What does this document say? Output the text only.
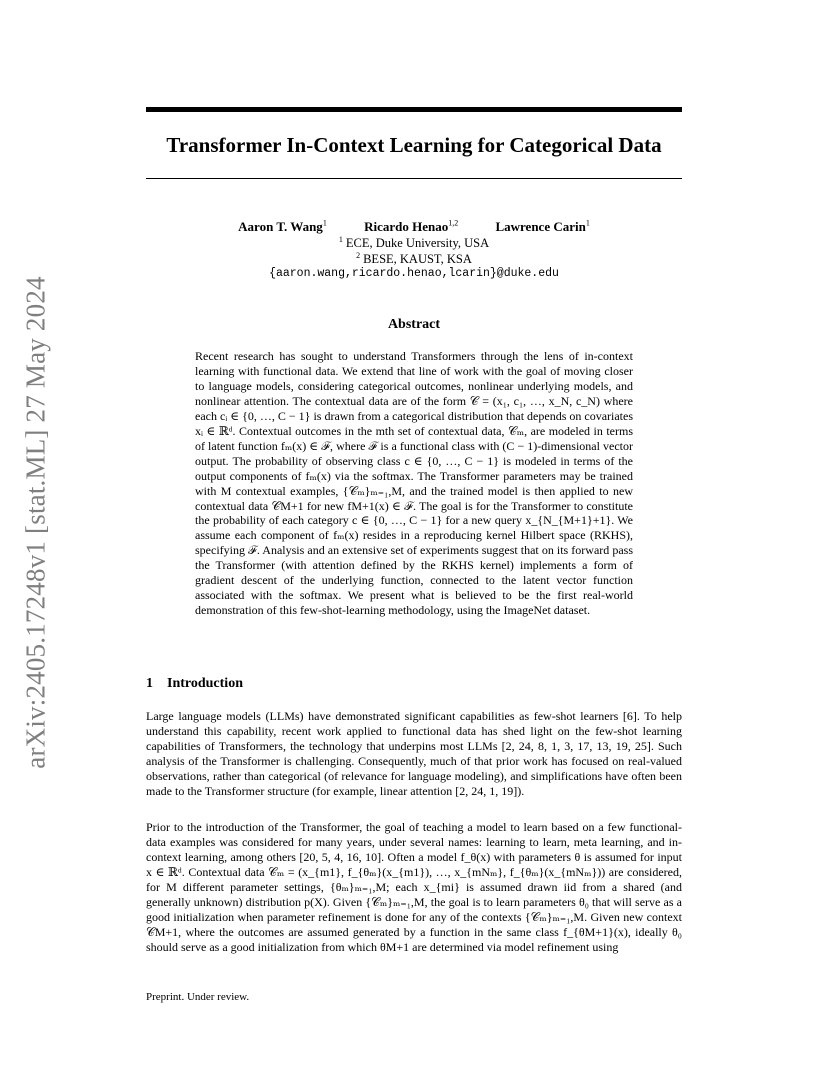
arXiv:2405.17248v1 [stat.ML] 27 May 2024
Transformer In-Context Learning for Categorical Data
Aaron T. Wang$^1$	Ricardo Henao$^{1,2}$	Lawrence Carin$^1$
$^1$ ECE, Duke University, USA
$^2$ BESE, KAUST, KSA
{aaron.wang,ricardo.henao,lcarin}@duke.edu
Abstract

Recent research has sought to understand Transformers through the lens of in-context learning with functional data. We extend that line of work with the goal of moving closer to language models, considering categorical outcomes, nonlinear underlying models, and nonlinear attention. The contextual data are of the form 𝒞 = (x₁, c₁, …, x_N, c_N) where each cᵢ ∈ {0, …, C − 1} is drawn from a categorical distribution that depends on covariates xᵢ ∈ ℝᵈ. Contextual outcomes in the mth set of contextual data, 𝒞ₘ, are modeled in terms of latent function fₘ(x) ∈ ℱ, where ℱ is a functional class with (C − 1)-dimensional vector output. The probability of observing class c ∈ {0, …, C − 1} is modeled in terms of the output components of fₘ(x) via the softmax. The Transformer parameters may be trained with M contextual examples, {𝒞ₘ}ₘ₌₁,M, and the trained model is then applied to new contextual data 𝒞M+1 for new fM+1(x) ∈ ℱ. The goal is for the Transformer to constitute the probability of each category c ∈ {0, …, C − 1} for a new query x_{N_{M+1}+1}. We assume each component of fₘ(x) resides in a reproducing kernel Hilbert space (RKHS), specifying ℱ. Analysis and an extensive set of experiments suggest that on its forward pass the Transformer (with attention defined by the RKHS kernel) implements a form of gradient descent of the underlying function, connected to the latent vector function associated with the softmax. We present what is believed to be the first real-world demonstration of this few-shot-learning methodology, using the ImageNet dataset.

1 Introduction

Large language models (LLMs) have demonstrated significant capabilities as few-shot learners [6]. To help understand this capability, recent work applied to functional data has shed light on the few-shot learning capabilities of Transformers, the technology that underpins most LLMs [2, 24, 8, 1, 3, 17, 13, 19, 25]. Such analysis of the Transformer is challenging. Consequently, much of that prior work has focused on real-valued observations, rather than categorical (of relevance for language modeling), and simplifications have often been made to the Transformer structure (for example, linear attention [2, 24, 1, 19]).

Prior to the introduction of the Transformer, the goal of teaching a model to learn based on a few functional-data examples was considered for many years, under several names: learning to learn, meta learning, and in-context learning, among others [20, 5, 4, 16, 10]. Often a model f_θ(x) with parameters θ is assumed for input x ∈ ℝᵈ. Contextual data 𝒞ₘ = (x_{m1}, f_{θₘ}(x_{m1}), …, x_{mNₘ}, f_{θₘ}(x_{mNₘ})) are considered, for M different parameter settings, {θₘ}ₘ₌₁,M; each x_{mi} is assumed drawn iid from a shared (and generally unknown) distribution p(X). Given {𝒞ₘ}ₘ₌₁,M, the goal is to learn parameters θ₀ that will serve as a good initialization when parameter refinement is done for any of the contexts {𝒞ₘ}ₘ₌₁,M. Given new context 𝒞M+1, where the outcomes are assumed generated by a function in the same class f_{θM+1}(x), ideally θ₀ should serve as a good initialization from which θM+1 are determined via model refinement using

Preprint. Under review.
